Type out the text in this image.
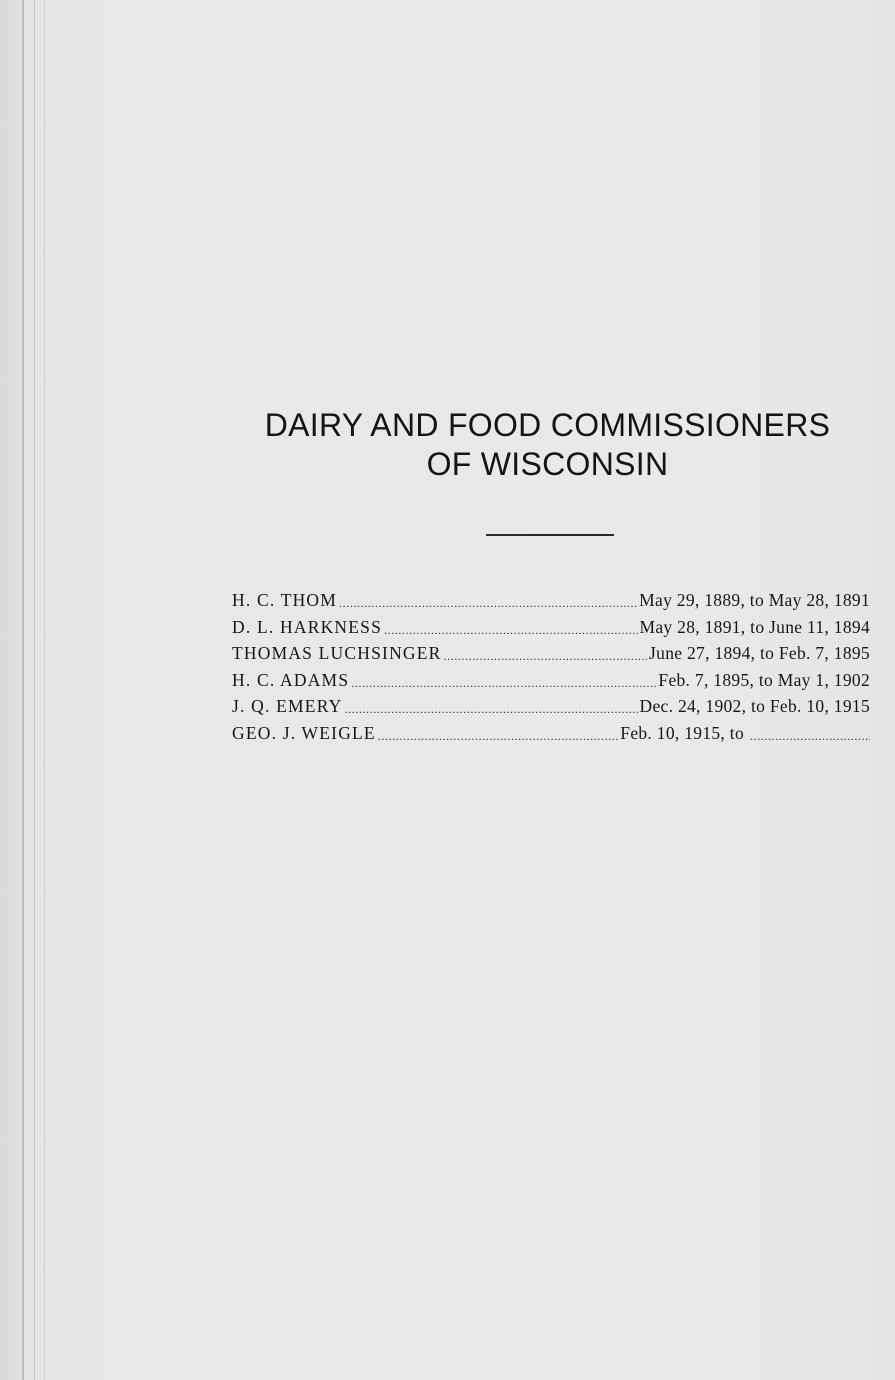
DAIRY AND FOOD COMMISSIONERS
OF WISCONSIN
H. C. THOM .....	May 29, 1889, to May 28, 1891
D. L. HARKNESS .....	May 28, 1891, to June 11, 1894
THOMAS LUCHSINGER .....	June 27, 1894, to Feb. 7, 1895
H. C. ADAMS .....	Feb. 7, 1895, to May 1, 1902
J. Q. EMERY .....	Dec. 24, 1902, to Feb. 10, 1915
GEO. J. WEIGLE .....	Feb. 10, 1915, to
.....
